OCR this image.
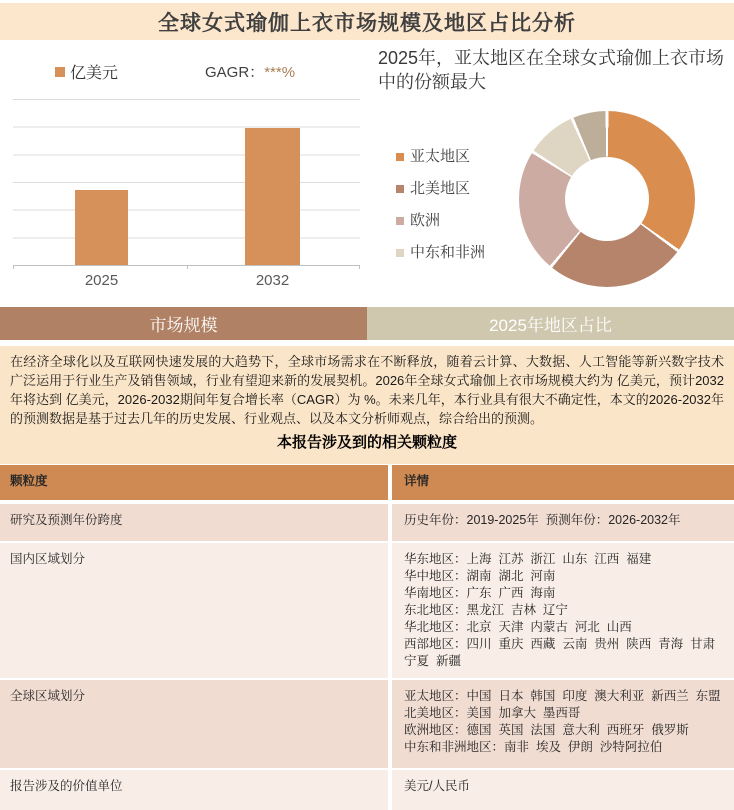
全球女式瑜伽上衣市场规模及地区占比分析
亿美元	GAGR：***%
2025	2032
2025年，亚太地区在全球女式瑜伽上衣市场中的份额最大
亚太地区
北美地区
欧洲
中东和非洲
市场规模	2025年地区占比

在经济全球化以及互联网快速发展的大趋势下，全球市场需求在不断释放，随着云计算、大数据、人工智能等新兴数字技术广泛运用于行业生产及销售领域，行业有望迎来新的发展契机。2026年全球女式瑜伽上衣市场规模大约为 亿美元，预计2032年将达到 亿美元，2026-2032期间年复合增长率（CAGR）为 %。未来几年，本行业具有很大不确定性，本文的2026-2032年的预测数据是基于过去几年的历史发展、行业观点、以及本文分析师观点，综合给出的预测。

本报告涉及到的相关颗粒度
颗粒度	详情
研究及预测年份跨度	历史年份：2019-2025年  预测年份：2026-2032年
国内区域划分	华东地区：上海  江苏  浙江  山东  江西  福建
华中地区：湖南  湖北  河南
华南地区：广东  广西  海南
东北地区：黑龙江  吉林  辽宁
华北地区：北京  天津  内蒙古  河北  山西
西部地区：四川  重庆  西藏  云南  贵州  陕西  青海  甘肃  宁夏  新疆
全球区域划分	亚太地区：中国  日本  韩国  印度  澳大利亚  新西兰  东盟
北美地区：美国  加拿大  墨西哥
欧洲地区：德国  英国  法国  意大利  西班牙  俄罗斯
中东和非洲地区：南非  埃及  伊朗  沙特阿拉伯
报告涉及的价值单位	美元/人民币
